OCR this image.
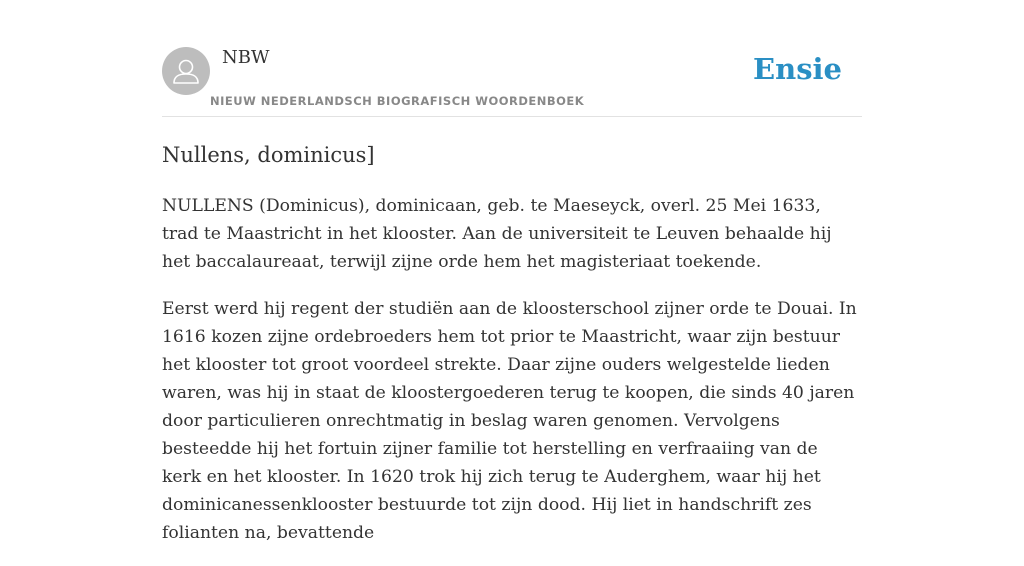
NBW
NIEUW NEDERLANDSCH BIOGRAFISCH WOORDENBOEK
Ensie
Nullens, dominicus]

NULLENS (Dominicus), dominicaan, geb. te Maeseyck, overl. 25 Mei 1633, trad te Maastricht in het klooster. Aan de universiteit te Leuven behaalde hij het baccalaureaat, terwijl zijne orde hem het magisteriaat toekende.

Eerst werd hij regent der studiën aan de kloosterschool zijner orde te Douai. In 1616 kozen zijne ordebroeders hem tot prior te Maastricht, waar zijn bestuur het klooster tot groot voordeel strekte. Daar zijne ouders welgestelde lieden waren, was hij in staat de kloostergoederen terug te koopen, die sinds 40 jaren door particulieren onrechtmatig in beslag waren genomen. Vervolgens besteedde hij het fortuin zijner familie tot herstelling en verfraaiing van de kerk en het klooster. In 1620 trok hij zich terug te Auderghem, waar hij het dominicanessenklooster bestuurde tot zijn dood. Hij liet in handschrift zes folianten na, bevattende
